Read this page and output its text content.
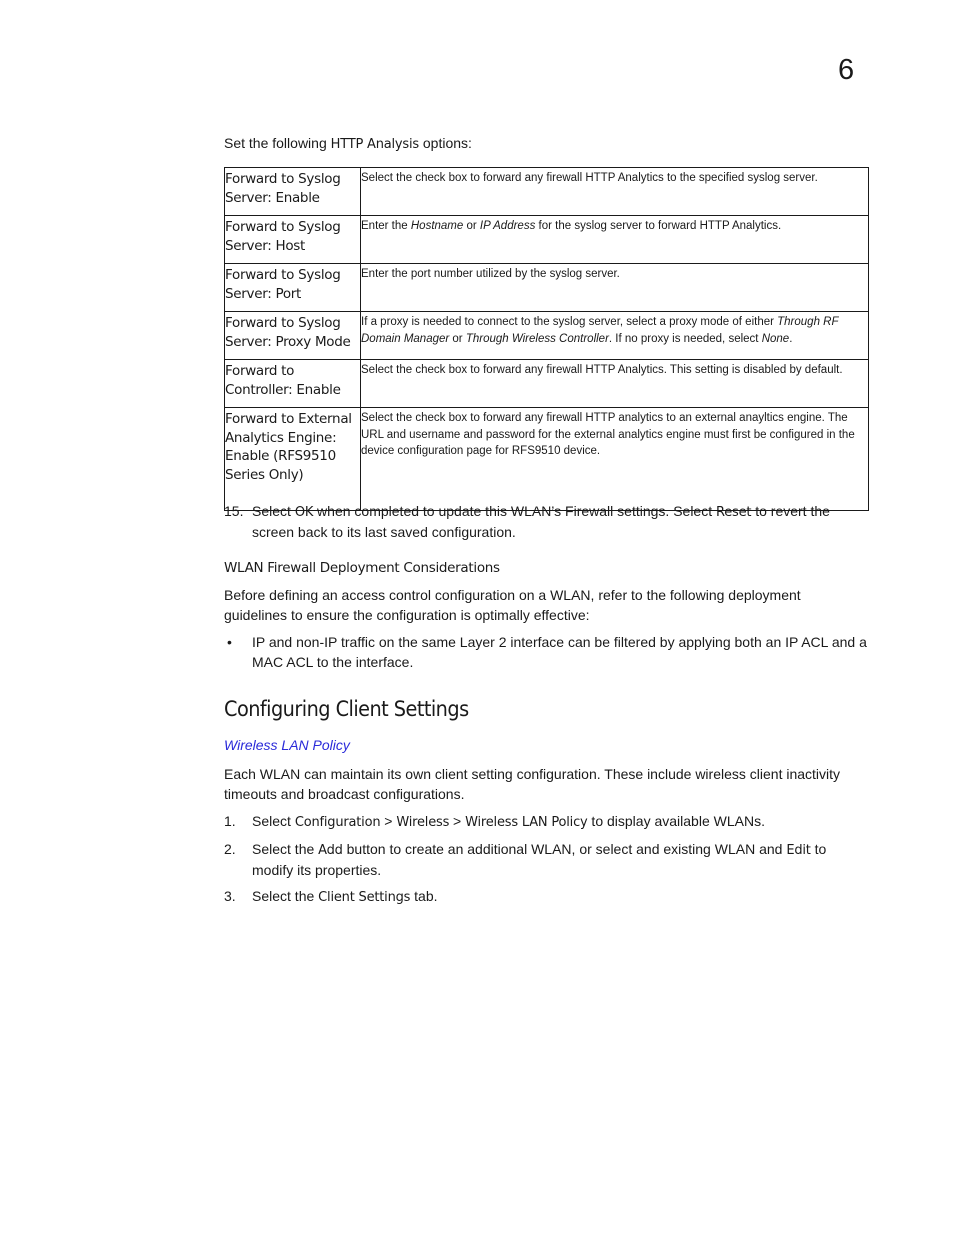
6
Set the following HTTP Analysis options:
Forward to Syslog Server: Enable	Select the check box to forward any firewall HTTP Analytics to the specified syslog server.
Forward to Syslog Server: Host	Enter the Hostname or IP Address for the syslog server to forward HTTP Analytics.
Forward to Syslog Server: Port	Enter the port number utilized by the syslog server.
Forward to Syslog Server: Proxy Mode	If a proxy is needed to connect to the syslog server, select a proxy mode of either Through RF Domain Manager or Through Wireless Controller. If no proxy is needed, select None.
Forward to Controller: Enable	Select the check box to forward any firewall HTTP Analytics. This setting is disabled by default.
Forward to External Analytics Engine: Enable (RFS9510 Series Only)	Select the check box to forward any firewall HTTP analytics to an external anayltics engine. The URL and username and password for the external analytics engine must first be configured in the device configuration page for RFS9510 device.
15. Select OK when completed to update this WLAN’s Firewall settings. Select Reset to revert the screen back to its last saved configuration.
WLAN Firewall Deployment Considerations
Before defining an access control configuration on a WLAN, refer to the following deployment guidelines to ensure the configuration is optimally effective:
• IP and non-IP traffic on the same Layer 2 interface can be filtered by applying both an IP ACL and a MAC ACL to the interface.
Configuring Client Settings
Wireless LAN Policy
Each WLAN can maintain its own client setting configuration. These include wireless client inactivity timeouts and broadcast configurations.
1. Select Configuration > Wireless > Wireless LAN Policy to display available WLANs.
2. Select the Add button to create an additional WLAN, or select and existing WLAN and Edit to modify its properties.
3. Select the Client Settings tab.
